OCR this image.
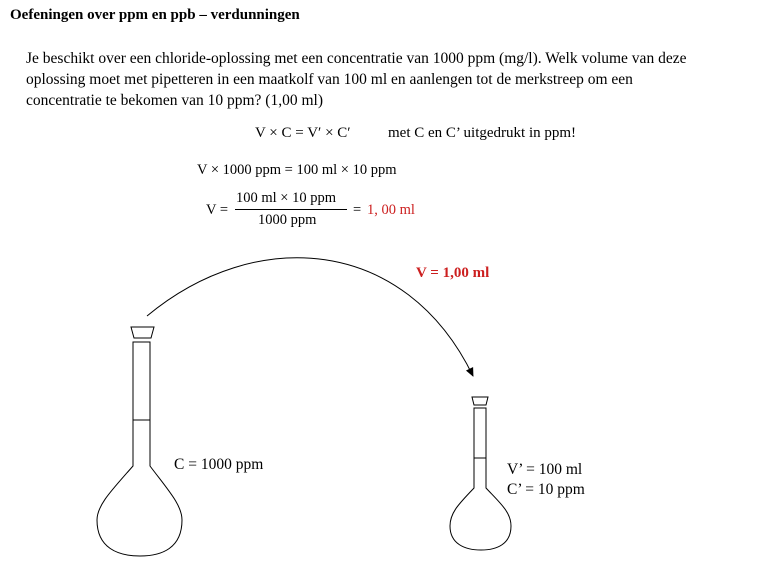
Oefeningen over ppm en ppb – verdunningen

Je beschikt over een chloride-oplossing met een concentratie van 1000 ppm (mg/l). Welk volume van deze

oplossing moet met pipetteren in een maatkolf van 100 ml en aanlengen tot de merkstreep om een

concentratie te bekomen van 10 ppm? (1,00 ml)

V × C = V′ × C′ met C en C’ uitgedrukt in ppm!
V × 1000 ppm = 100 ml × 10 ppm
V =
100 ml × 10 ppm
1000 ppm
= 1, 00 ml
V = 1,00 ml
C = 1000 ppm	V’ = 100 ml
C’ = 10 ppm
